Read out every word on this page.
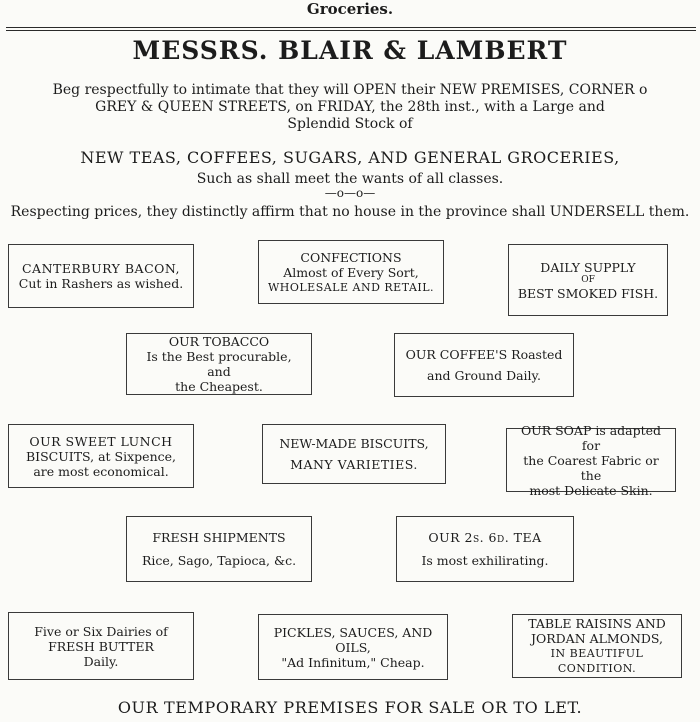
Groceries.
MESSRS. BLAIR & LAMBERT
Beg respectfully to intimate that they will OPEN their NEW PREMISES, CORNER o
GREY & QUEEN STREETS, on FRIDAY, the 28th inst., with a Large and
Splendid Stock of
NEW TEAS, COFFEES, SUGARS, AND GENERAL GROCERIES,
Such as shall meet the wants of all classes.
—o—o—
Respecting prices, they distinctly affirm that no house in the province shall UNDERSELL them.
CANTERBURY BACON,
Cut in Rashers as wished.
CONFECTIONS
Almost of Every Sort,
WHOLESALE AND RETAIL.
DAILY SUPPLY
OF
BEST SMOKED FISH.
OUR TOBACCO
Is the Best procurable, and
the Cheapest.
OUR COFFEE'S Roasted
and Ground Daily.
OUR SWEET LUNCH
BISCUITS, at Sixpence,
are most economical.
NEW-MADE BISCUITS,
MANY VARIETIES.
OUR SOAP is adapted for
the Coarest Fabric or the
most Delicate Skin.
FRESH SHIPMENTS
Rice, Sago, Tapioca, &c.
OUR 2s. 6d. TEA
Is most exhilirating.
Five or Six Dairies of
FRESH BUTTER
Daily.
PICKLES, SAUCES, AND
OILS,
"Ad Infinitum," Cheap.
TABLE RAISINS AND
JORDAN ALMONDS,
IN BEAUTIFUL CONDITION.
OUR TEMPORARY PREMISES FOR SALE OR TO LET.
